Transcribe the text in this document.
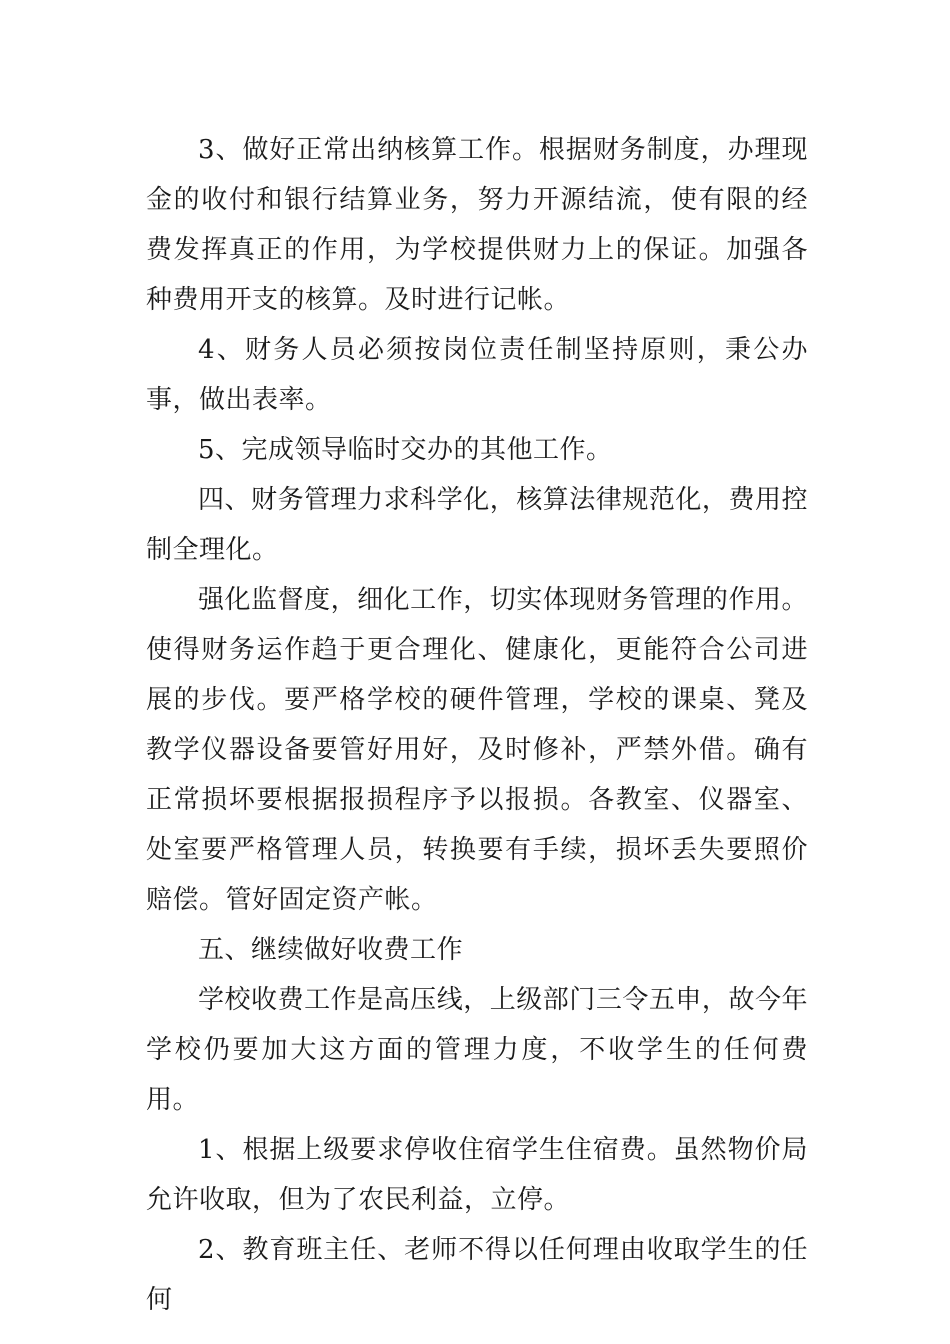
3、做好正常出纳核算工作。根据财务制度，办理现金的收付和银行结算业务，努力开源结流，使有限的经费发挥真正的作用，为学校提供财力上的保证。加强各种费用开支的核算。及时进行记帐。

4、财务人员必须按岗位责任制坚持原则，秉公办事，做出表率。

5、完成领导临时交办的其他工作。

四、财务管理力求科学化，核算法律规范化，费用控制全理化。

强化监督度，细化工作，切实体现财务管理的作用。使得财务运作趋于更合理化、健康化，更能符合公司进展的步伐。要严格学校的硬件管理，学校的课桌、凳及教学仪器设备要管好用好，及时修补，严禁外借。确有正常损坏要根据报损程序予以报损。各教室、仪器室、处室要严格管理人员，转换要有手续，损坏丢失要照价赔偿。管好固定资产帐。

五、继续做好收费工作

学校收费工作是高压线，上级部门三令五申，故今年学校仍要加大这方面的管理力度，不收学生的任何费用。

1、根据上级要求停收住宿学生住宿费。虽然物价局允许收取，但为了农民利益，立停。

2、教育班主任、老师不得以任何理由收取学生的任何
